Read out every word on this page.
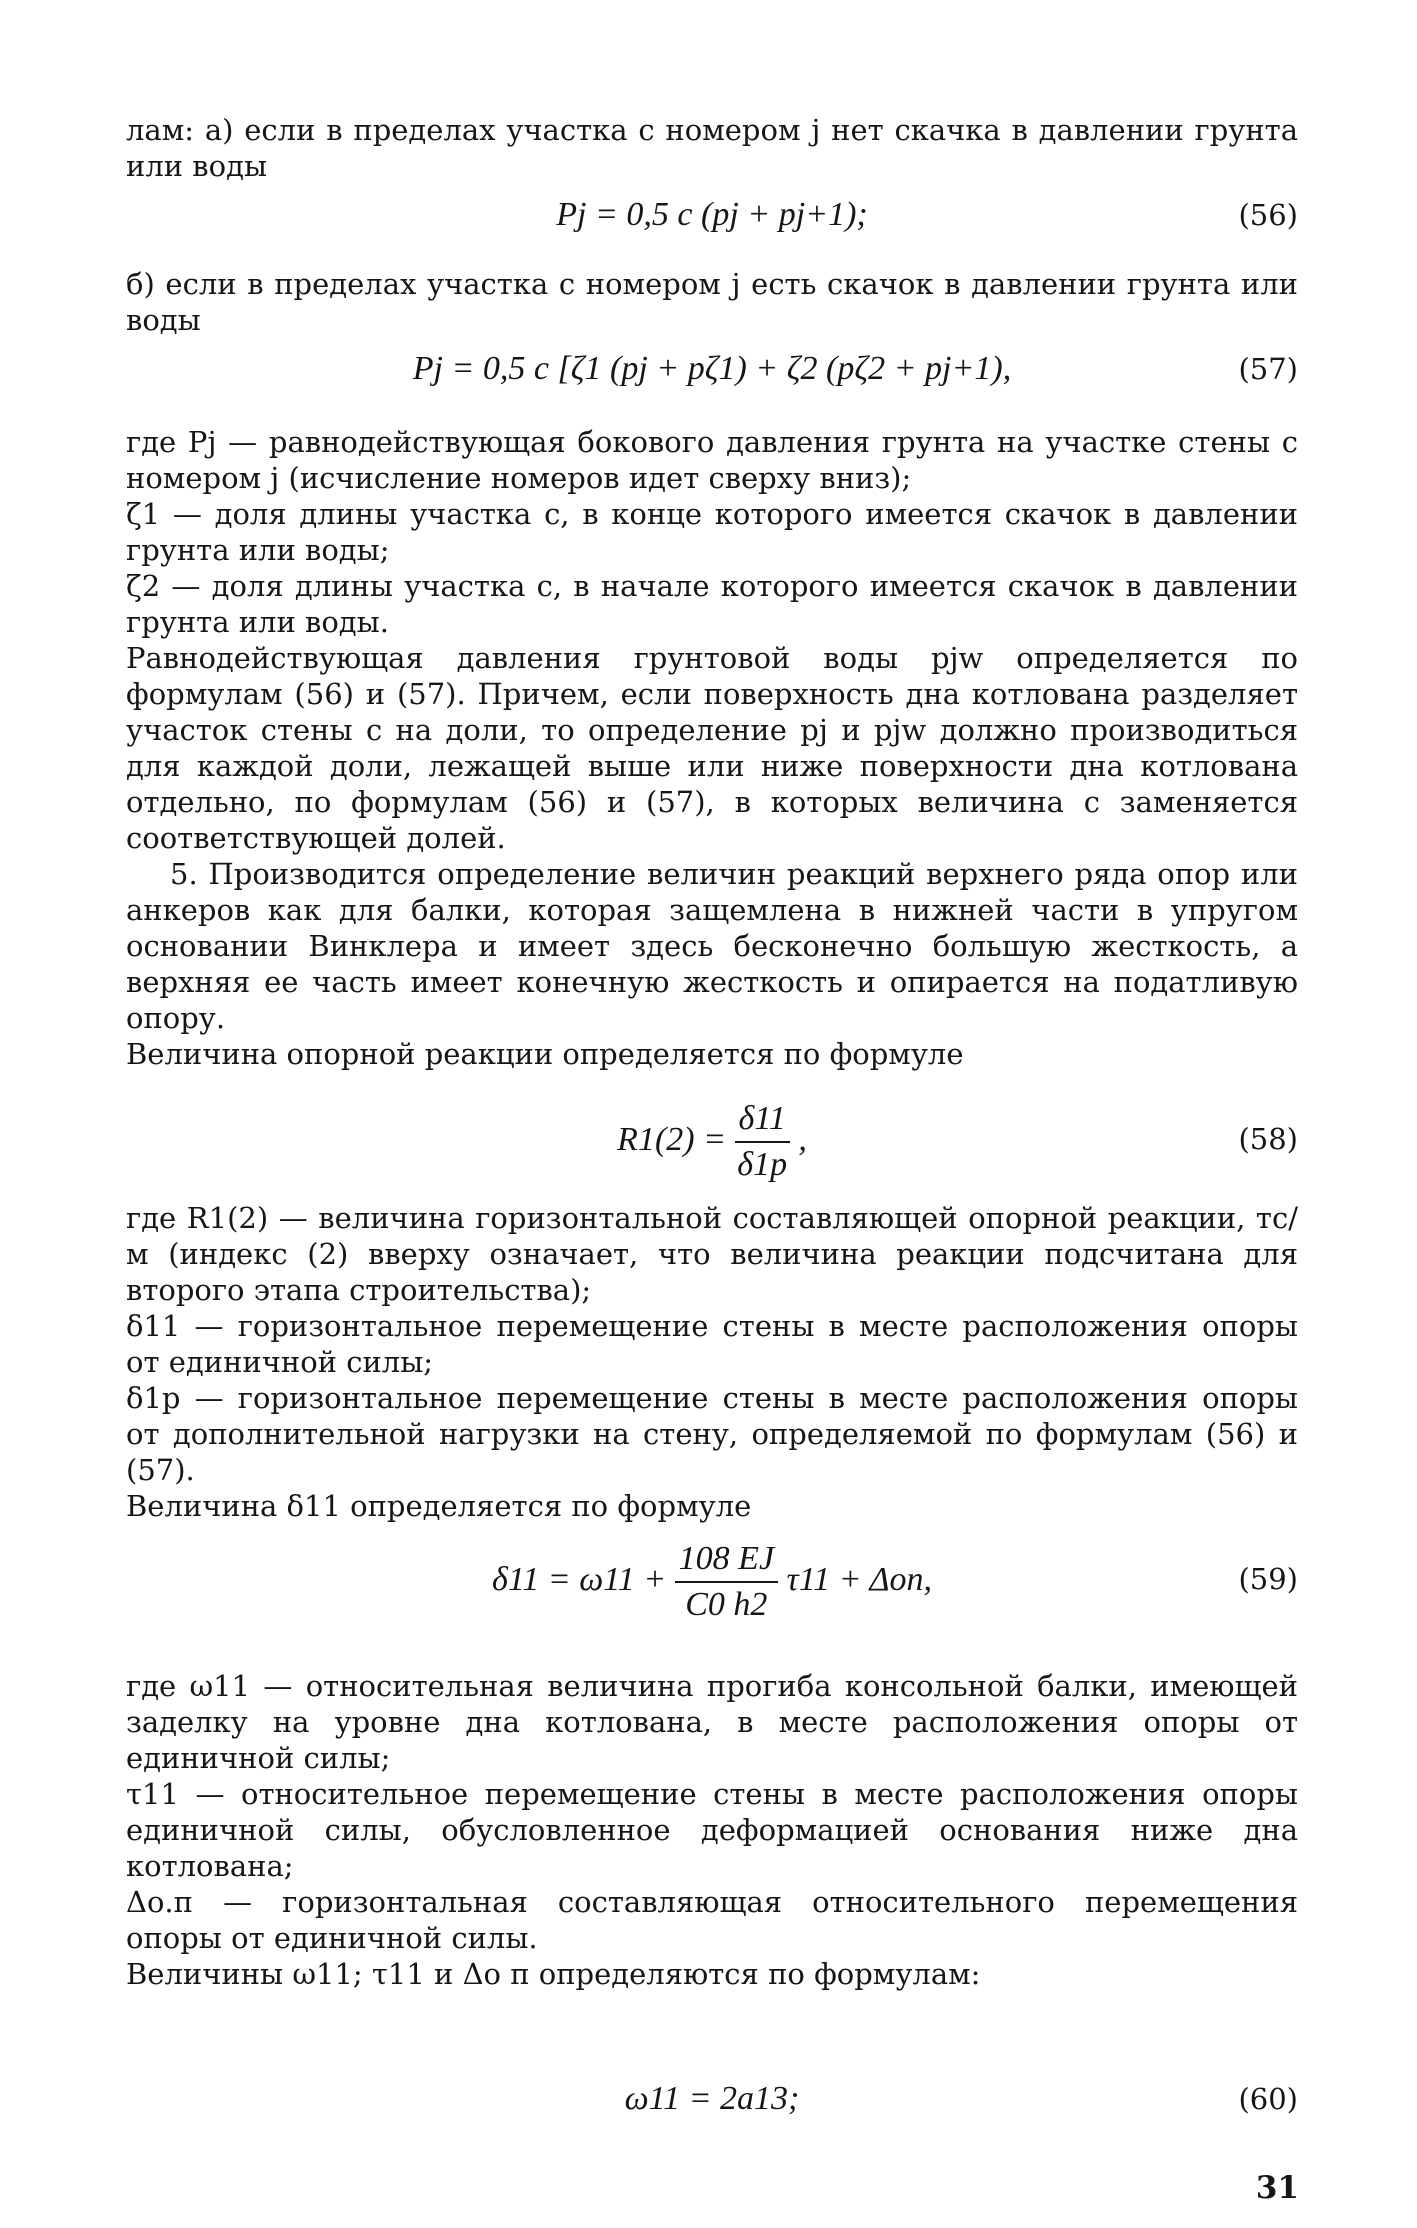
лам: а) если в пределах участка с номером j нет скачка в давлении грунта или воды

Pj = 0,5 c (pj + pj+1);	(56)

б) если в пределах участка с номером j есть скачок в давлении грунта или воды

Pj = 0,5 c [ζ1 (pj + pζ1) + ζ2 (pζ2 + pj+1),	(57)

где Pj — равнодействующая бокового давления грунта на участке стены с номером j (исчисление номеров идет сверху вниз);

ζ1 — доля длины участка c, в конце которого имеется скачок в давлении грунта или воды;

ζ2 — доля длины участка c, в начале которого имеется скачок в давлении грунта или воды.

Равнодействующая давления грунтовой воды pjw определяется по формулам (56) и (57). Причем, если поверхность дна котлована разделяет участок стены c на доли, то определение pj и pjw должно производиться для каждой доли, лежащей выше или ниже поверхности дна котлована отдельно, по формулам (56) и (57), в которых величина c заменяется соответствующей долей.

5. Производится определение величин реакций верхнего ряда опор или анкеров как для балки, которая защемлена в нижней части в упругом основании Винклера и имеет здесь бесконечно большую жесткость, а верхняя ее часть имеет конечную жесткость и опирается на податливую опору.

Величина опорной реакции определяется по формуле

$R1(2) = \frac{\delta 11}{\delta 1p}$ ,	(58)

где R1(2) — величина горизонтальной составляющей опорной реакции, тс/м (индекс (2) вверху означает, что величина реакции подсчитана для второго этапа строительства);

δ11 — горизонтальное перемещение стены в месте расположения опоры от единичной силы;

δ1p — горизонтальное перемещение стены в месте расположения опоры от дополнительной нагрузки на стену, определяемой по формулам (56) и (57).

Величина δ11 определяется по формуле

$\delta 11 = \omega 11 + \frac{108 EJ}{C0 h2} \tau 11 + \Delta оп$,	(59)

где ω11 — относительная величина прогиба консольной балки, имеющей заделку на уровне дна котлована, в месте расположения опоры от единичной силы;

τ11 — относительное перемещение стены в месте расположения опоры единичной силы, обусловленное деформацией основания ниже дна котлована;

Δо.п — горизонтальная составляющая относительного перемещения опоры от единичной силы.

Величины ω11; τ11 и Δо п определяются по формулам:

ω11 = 2a13;	(60)
31
